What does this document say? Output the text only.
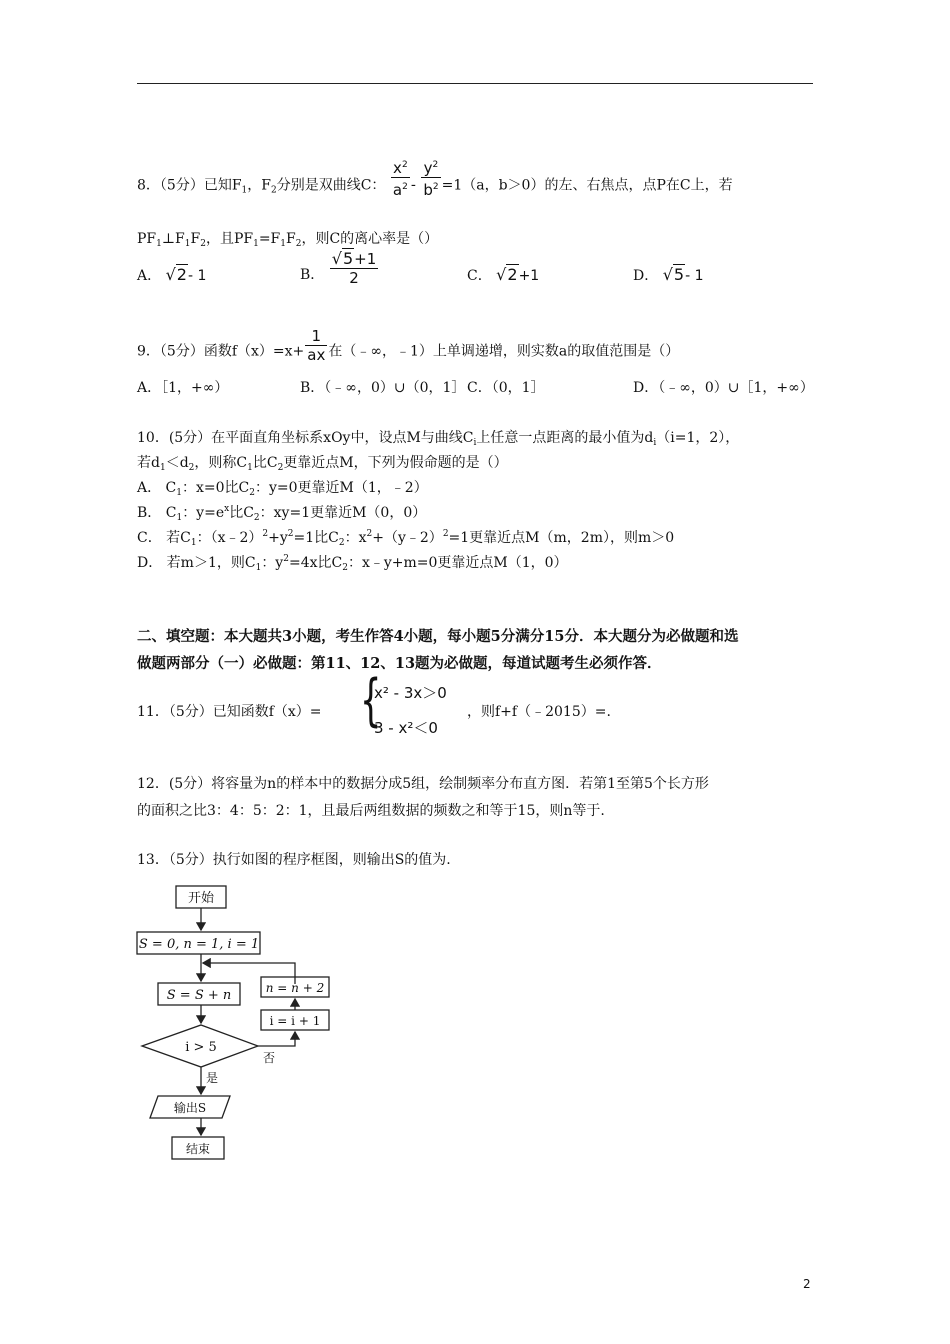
8．（5分）已知$F_1$，$F_2$分别是双曲线C： $\frac{x^2}{a^2} - \frac{y^2}{b^2} =1(a$，b＞0）的左、右焦点，点P在C上，若
$PF_1\perp F_1F_2$，且$PF_1=F_1F_2$，则C的离心率是（）
A． √2- 1	B． $\frac{√5+1}{2}$	C． √2+1	D． √5- 1
9．（5分）函数$f(x)=x+ \frac{1}{ax}$ 在（﹣∞，﹣1）上单调递增，则实数a的取值范围是（）
A．［1，+∞）	B．（﹣∞，0）∪（0，1］ C．（0，1］	D．（﹣∞，0）∪［1，+∞）
10．(5分）在平面直角坐标系xOy中，设点M与曲线$C_i$上任意一点距离的最小值为$d_i(i=1$，2），
若$d_1<d_2$，则称$C_1$比$C_2$更靠近点M，下列为假命题的是（）
A． $C_1$：x=0比$C_2$：y=0更靠近M（1，﹣2）
B． $C_1$：$y=e^x$比$C_2$：xy=1更靠近M（0，0）
C． 若$C_1$：$(x﹣2)^2+y^2=1$比$C_2$：$x^2+(y﹣2)^2=1$更靠近点M（m，2m），则m＞0
D． 若m＞1，则$C_1$：$y^2=4x$比$C_2$：x﹣y+m=0更靠近点M（1，0）
二、填空题：本大题共3小题，考生作答4小题，每小题5分满分15分．本大题分为必做题和选
做题两部分（一）必做题：第11、12、13题为必做题，每道试题考生必须作答．
11．（5分）已知函数f（x）= {
x² - 3x＞0
3 - x²＜0
，则f+f（﹣2015）=.
12．(5分）将容量为n的样本中的数据分成5组，绘制频率分布直方图．若第1至第5个长方形
的面积之比3：4：5：2：1，且最后两组数据的频数之和等于15，则n等于.
13．（5分）执行如图的程序框图，则输出S的值为.
开始
S = 0, n = 1, i = 1
S = S + n	n = n + 2
i = i + 1
i > 5
否
是
输出S
结束
2
